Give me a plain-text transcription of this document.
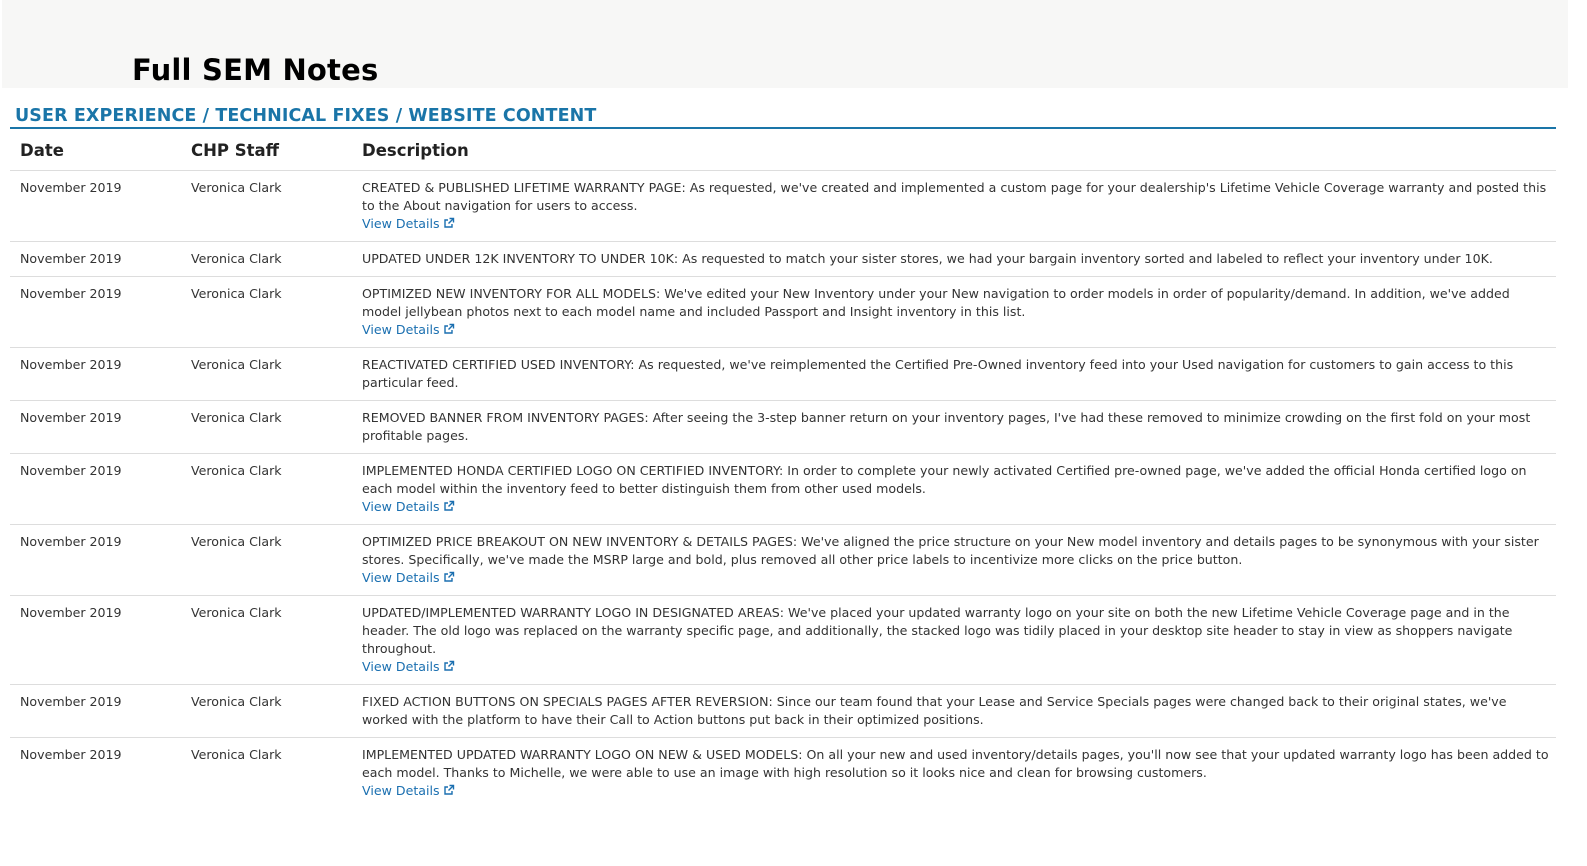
Full SEM Notes
USER EXPERIENCE / TECHNICAL FIXES / WEBSITE CONTENT
Date	CHP Staff	Description
November 2019	Veronica Clark	CREATED & PUBLISHED LIFETIME WARRANTY PAGE: As requested, we've created and implemented a custom page for your dealership's Lifetime Vehicle Coverage warranty and posted this to the About navigation for users to access.
View Details
November 2019	Veronica Clark	UPDATED UNDER 12K INVENTORY TO UNDER 10K: As requested to match your sister stores, we had your bargain inventory sorted and labeled to reflect your inventory under 10K.

November 2019	Veronica Clark	OPTIMIZED NEW INVENTORY FOR ALL MODELS: We've edited your New Inventory under your New navigation to order models in order of popularity/demand. In addition, we've added model jellybean photos next to each model name and included Passport and Insight inventory in this list.
View Details
November 2019	Veronica Clark	REACTIVATED CERTIFIED USED INVENTORY: As requested, we've reimplemented the Certified Pre-Owned inventory feed into your Used navigation for customers to gain access to this particular feed.

November 2019	Veronica Clark	REMOVED BANNER FROM INVENTORY PAGES: After seeing the 3-step banner return on your inventory pages, I've had these removed to minimize crowding on the first fold on your most profitable pages.

November 2019	Veronica Clark	IMPLEMENTED HONDA CERTIFIED LOGO ON CERTIFIED INVENTORY: In order to complete your newly activated Certified pre-owned page, we've added the official Honda certified logo on each model within the inventory feed to better distinguish them from other used models.
View Details
November 2019	Veronica Clark	OPTIMIZED PRICE BREAKOUT ON NEW INVENTORY & DETAILS PAGES: We've aligned the price structure on your New model inventory and details pages to be synonymous with your sister stores. Specifically, we've made the MSRP large and bold, plus removed all other price labels to incentivize more clicks on the price button.
View Details
November 2019	Veronica Clark	UPDATED/IMPLEMENTED WARRANTY LOGO IN DESIGNATED AREAS: We've placed your updated warranty logo on your site on both the new Lifetime Vehicle Coverage page and in the header. The old logo was replaced on the warranty specific page, and additionally, the stacked logo was tidily placed in your desktop site header to stay in view as shoppers navigate throughout.
View Details
November 2019	Veronica Clark	FIXED ACTION BUTTONS ON SPECIALS PAGES AFTER REVERSION: Since our team found that your Lease and Service Specials pages were changed back to their original states, we've worked with the platform to have their Call to Action buttons put back in their optimized positions.

November 2019	Veronica Clark	IMPLEMENTED UPDATED WARRANTY LOGO ON NEW & USED MODELS: On all your new and used inventory/details pages, you'll now see that your updated warranty logo has been added to each model. Thanks to Michelle, we were able to use an image with high resolution so it looks nice and clean for browsing customers.
View Details
